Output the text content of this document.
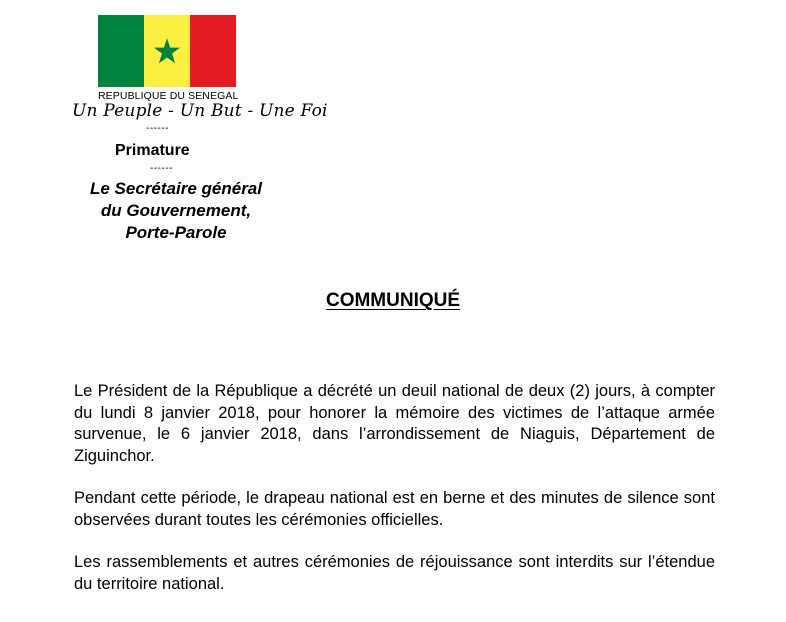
REPUBLIQUE DU SENEGAL
Un Peuple - Un But - Une Foi
------
Primature
------
Le Secrétaire général
du Gouvernement,
Porte-Parole
COMMUNIQUÉ

Le Président de la République a décrété un deuil national de deux (2) jours, à compter du lundi 8 janvier 2018, pour honorer la mémoire des victimes de l’attaque armée survenue, le 6 janvier 2018, dans l’arrondissement de Niaguis, Département de Ziguinchor.

Pendant cette période, le drapeau national est en berne et des minutes de silence sont observées durant toutes les cérémonies officielles.

Les rassemblements et autres cérémonies de réjouissance sont interdits sur l’étendue du territoire national.
